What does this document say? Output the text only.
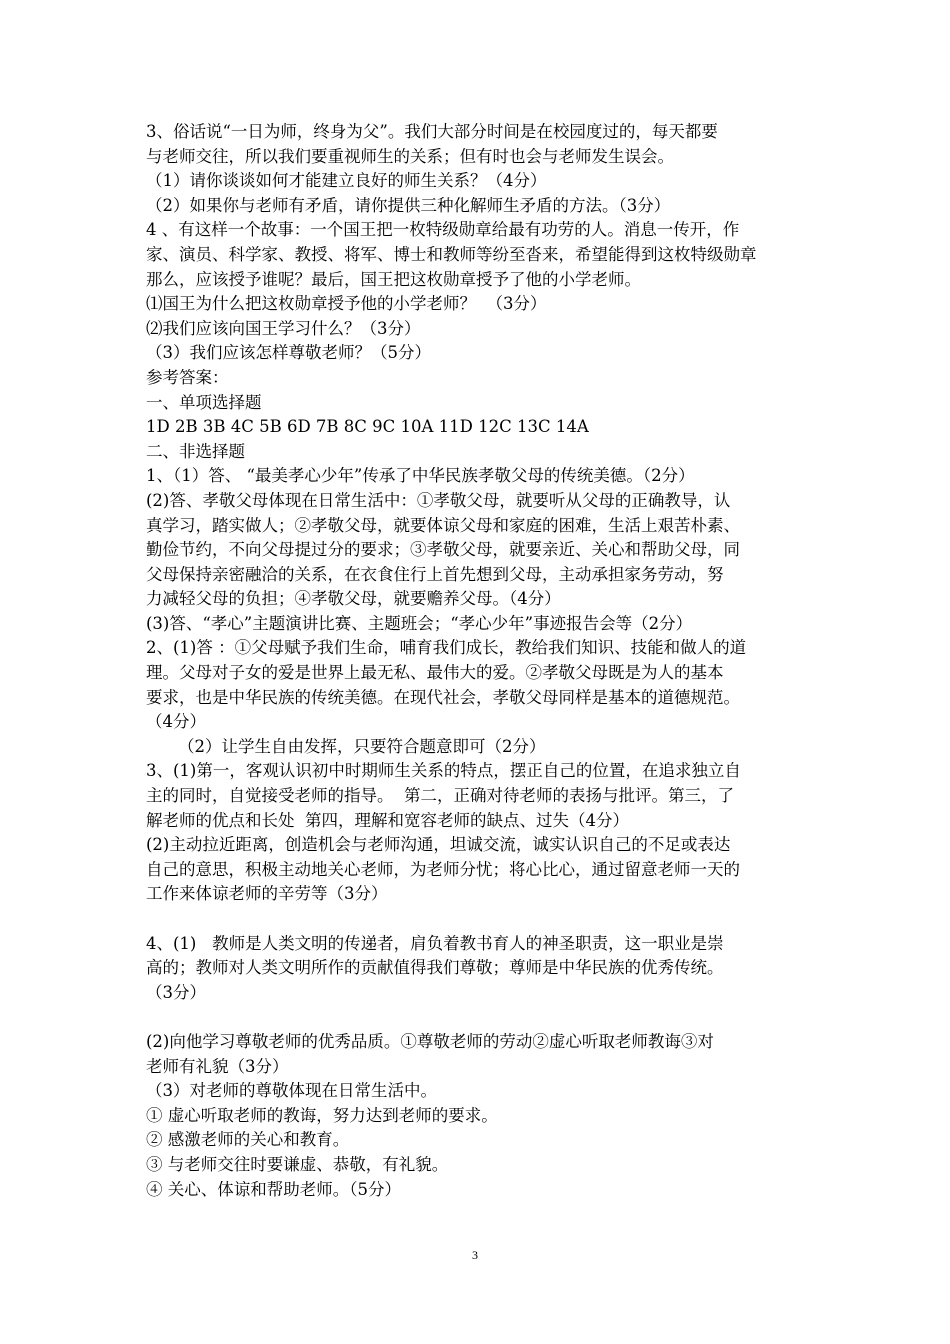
3、俗话说“一日为师，终身为父”。我们大部分时间是在校园度过的，每天都要
与老师交往，所以我们要重视师生的关系；但有时也会与老师发生误会。
（1）请你谈谈如何才能建立良好的师生关系？（4分）
（2）如果你与老师有矛盾，请你提供三种化解师生矛盾的方法。（3分）
4 、有这样一个故事：一个国王把一枚特级勋章给最有功劳的人。消息一传开，作
家、演员、科学家、教授、将军、博士和教师等纷至沓来，希望能得到这枚特级勋章
那么，应该授予谁呢？最后，国王把这枚勋章授予了他的小学老师。
⑴国王为什么把这枚勋章授予他的小学老师？  （3分）
⑵我们应该向国王学习什么？（3分）
（3）我们应该怎样尊敬老师？（5分）
参考答案：
一、单项选择题
1D 2B 3B 4C 5B 6D 7B 8C 9C 10A 11D 12C 13C 14A
二、非选择题
1、（1）答、 “最美孝心少年”传承了中华民族孝敬父母的传统美德。（2分）
(2)答、孝敬父母体现在日常生活中：①孝敬父母，就要听从父母的正确教导，认
真学习，踏实做人；②孝敬父母，就要体谅父母和家庭的困难，生活上艰苦朴素、
勤俭节约，不向父母提过分的要求；③孝敬父母，就要亲近、关心和帮助父母，同
父母保持亲密融洽的关系，在衣食住行上首先想到父母，主动承担家务劳动，努
力减轻父母的负担；④孝敬父母，就要赡养父母。（4分）
(3)答、“孝心”主题演讲比赛、主题班会；“孝心少年”事迹报告会等（2分）
2、(1)答 ：①父母赋予我们生命，哺育我们成长，教给我们知识、技能和做人的道
理。父母对子女的爱是世界上最无私、最伟大的爱。②孝敬父母既是为人的基本
要求，也是中华民族的传统美德。在现代社会，孝敬父母同样是基本的道德规范。
（4分）
（2）让学生自由发挥，只要符合题意即可（2分）
3、(1)第一，客观认识初中时期师生关系的特点，摆正自己的位置，在追求独立自
主的同时，自觉接受老师的指导。  第二，正确对待老师的表扬与批评。第三，了
解老师的优点和长处  第四，理解和宽容老师的缺点、过失（4分）
(2)主动拉近距离，创造机会与老师沟通，坦诚交流，诚实认识自己的不足或表达
自己的意思，积极主动地关心老师，为老师分忧；将心比心，通过留意老师一天的
工作来体谅老师的辛劳等（3分）
4、(1)   教师是人类文明的传递者，肩负着教书育人的神圣职责，这一职业是崇
高的；教师对人类文明所作的贡献值得我们尊敬；尊师是中华民族的优秀传统。
（3分）
(2)向他学习尊敬老师的优秀品质。①尊敬老师的劳动②虚心听取老师教诲③对
老师有礼貌（3分）
（3）对老师的尊敬体现在日常生活中。
① 虚心听取老师的教诲，努力达到老师的要求。
② 感激老师的关心和教育。
③ 与老师交往时要谦虚、恭敬，有礼貌。
④ 关心、体谅和帮助老师。（5分）
3
